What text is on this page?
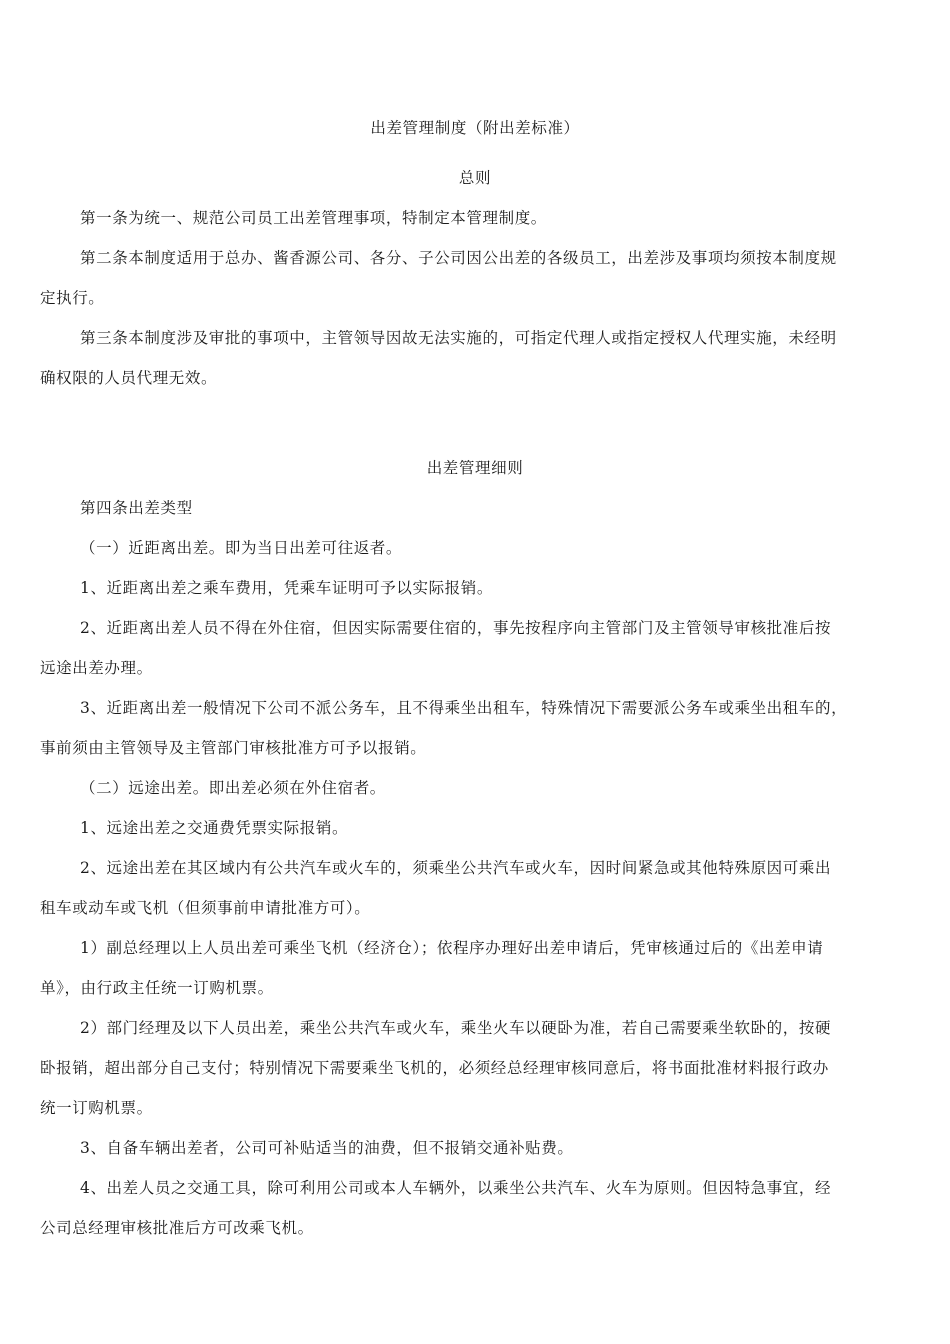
出差管理制度（附出差标准）
总则
第一条为统一、规范公司员工出差管理事项，特制定本管理制度。
第二条本制度适用于总办、酱香源公司、各分、子公司因公出差的各级员工，出差涉及事项均须按本制度规
定执行。
第三条本制度涉及审批的事项中，主管领导因故无法实施的，可指定代理人或指定授权人代理实施，未经明
确权限的人员代理无效。
出差管理细则
第四条出差类型
（一）近距离出差。即为当日出差可往返者。
1、近距离出差之乘车费用，凭乘车证明可予以实际报销。
2、近距离出差人员不得在外住宿，但因实际需要住宿的，事先按程序向主管部门及主管领导审核批准后按
远途出差办理。
3、近距离出差一般情况下公司不派公务车，且不得乘坐出租车，特殊情况下需要派公务车或乘坐出租车的，
事前须由主管领导及主管部门审核批准方可予以报销。
（二）远途出差。即出差必须在外住宿者。
1、远途出差之交通费凭票实际报销。
2、远途出差在其区域内有公共汽车或火车的，须乘坐公共汽车或火车，因时间紧急或其他特殊原因可乘出
租车或动车或飞机（但须事前申请批准方可）。
1）副总经理以上人员出差可乘坐飞机（经济仓）；依程序办理好出差申请后，凭审核通过后的《出差申请
单》，由行政主任统一订购机票。
2）部门经理及以下人员出差，乘坐公共汽车或火车，乘坐火车以硬卧为准，若自己需要乘坐软卧的，按硬
卧报销，超出部分自己支付；特别情况下需要乘坐飞机的，必须经总经理审核同意后，将书面批准材料报行政办
统一订购机票。
3、自备车辆出差者，公司可补贴适当的油费，但不报销交通补贴费。
4、出差人员之交通工具，除可利用公司或本人车辆外，以乘坐公共汽车、火车为原则。但因特急事宜，经
公司总经理审核批准后方可改乘飞机。
